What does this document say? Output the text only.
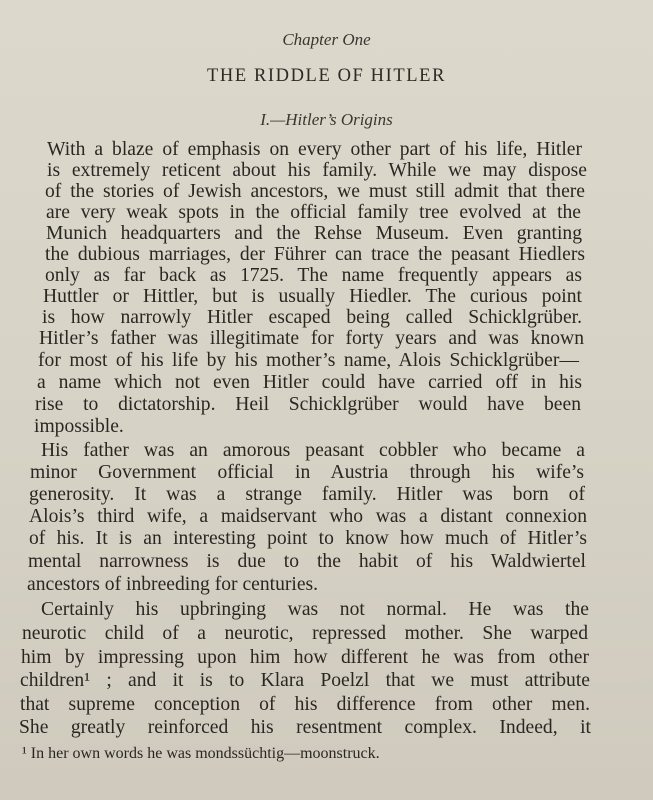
Chapter One
THE RIDDLE OF HITLER
I.—Hitler’s Origins
With a blaze of emphasis on every other part of his life, Hitler
is extremely reticent about his family. While we may dispose
of the stories of Jewish ancestors, we must still admit that there
are very weak spots in the official family tree evolved at the
Munich headquarters and the Rehse Museum. Even granting
the dubious marriages, der Führer can trace the peasant Hiedlers
only as far back as 1725. The name frequently appears as
Huttler or Hittler, but is usually Hiedler. The curious point
is how narrowly Hitler escaped being called Schicklgrüber.
Hitler’s father was illegitimate for forty years and was known
for most of his life by his mother’s name, Alois Schicklgrüber—
a name which not even Hitler could have carried off in his
rise to dictatorship. Heil Schicklgrüber would have been
impossible.
His father was an amorous peasant cobbler who became a
minor Government official in Austria through his wife’s
generosity. It was a strange family. Hitler was born of
Alois’s third wife, a maidservant who was a distant connexion
of his. It is an interesting point to know how much of Hitler’s
mental narrowness is due to the habit of his Waldwiertel
ancestors of inbreeding for centuries.
Certainly his upbringing was not normal. He was the
neurotic child of a neurotic, repressed mother. She warped
him by impressing upon him how different he was from other
children¹ ; and it is to Klara Poelzl that we must attribute
that supreme conception of his difference from other men.
She greatly reinforced his resentment complex. Indeed, it
¹ In her own words he was mondssüchtig—moonstruck.
